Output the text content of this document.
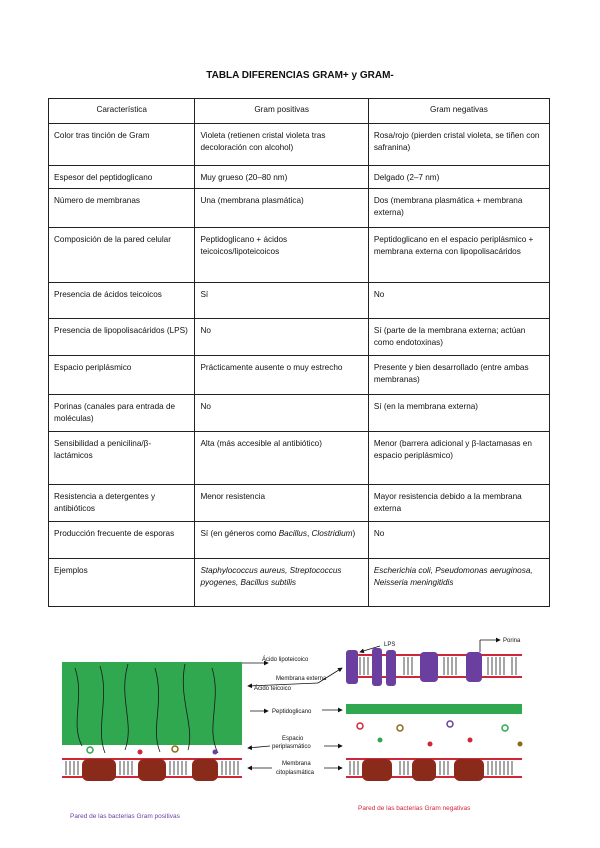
TABLA DIFERENCIAS GRAM+ y GRAM-
Característica	Gram positivas	Gram negativas
Color tras tinción de Gram	Violeta (retienen cristal violeta tras decoloración con alcohol)	Rosa/rojo (pierden cristal violeta, se tiñen con safranina)
Espesor del peptidoglicano	Muy grueso (20–80 nm)	Delgado (2–7 nm)
Número de membranas	Una (membrana plasmática)	Dos (membrana plasmática + membrana externa)
Composición de la pared celular	Peptidoglicano + ácidos teicoicos/lipoteicoicos	Peptidoglicano en el espacio periplásmico + membrana externa con lipopolisacáridos
Presencia de ácidos teicoicos	Sí	No
Presencia de lipopolisacáridos (LPS)	No	Sí (parte de la membrana externa; actúan como endotoxinas)
Espacio periplásmico	Prácticamente ausente o muy estrecho	Presente y bien desarrollado (entre ambas membranas)
Porinas (canales para entrada de moléculas)	No	Sí (en la membrana externa)
Sensibilidad a penicilina/β-lactámicos	Alta (más accesible al antibiótico)	Menor (barrera adicional y β-lactamasas en espacio periplásmico)
Resistencia a detergentes y antibióticos	Menor resistencia	Mayor resistencia debido a la membrana externa
Producción frecuente de esporas	Sí (en géneros como Bacillus, Clostridium)	No
Ejemplos	Staphylococcus aureus, Streptococcus pyogenes, Bacillus subtilis	Escherichia coli, Pseudomonas aeruginosa, Neisseria meningitidis
Ácido lipoteicoico
Membrana externa
Ácido teicoico
Peptidoglicano
Espacio
periplasmático
Membrana
citoplasmática
LPS
Porina
Pared de las bacterias Gram positivas
Pared de las bacterias Gram negativas
